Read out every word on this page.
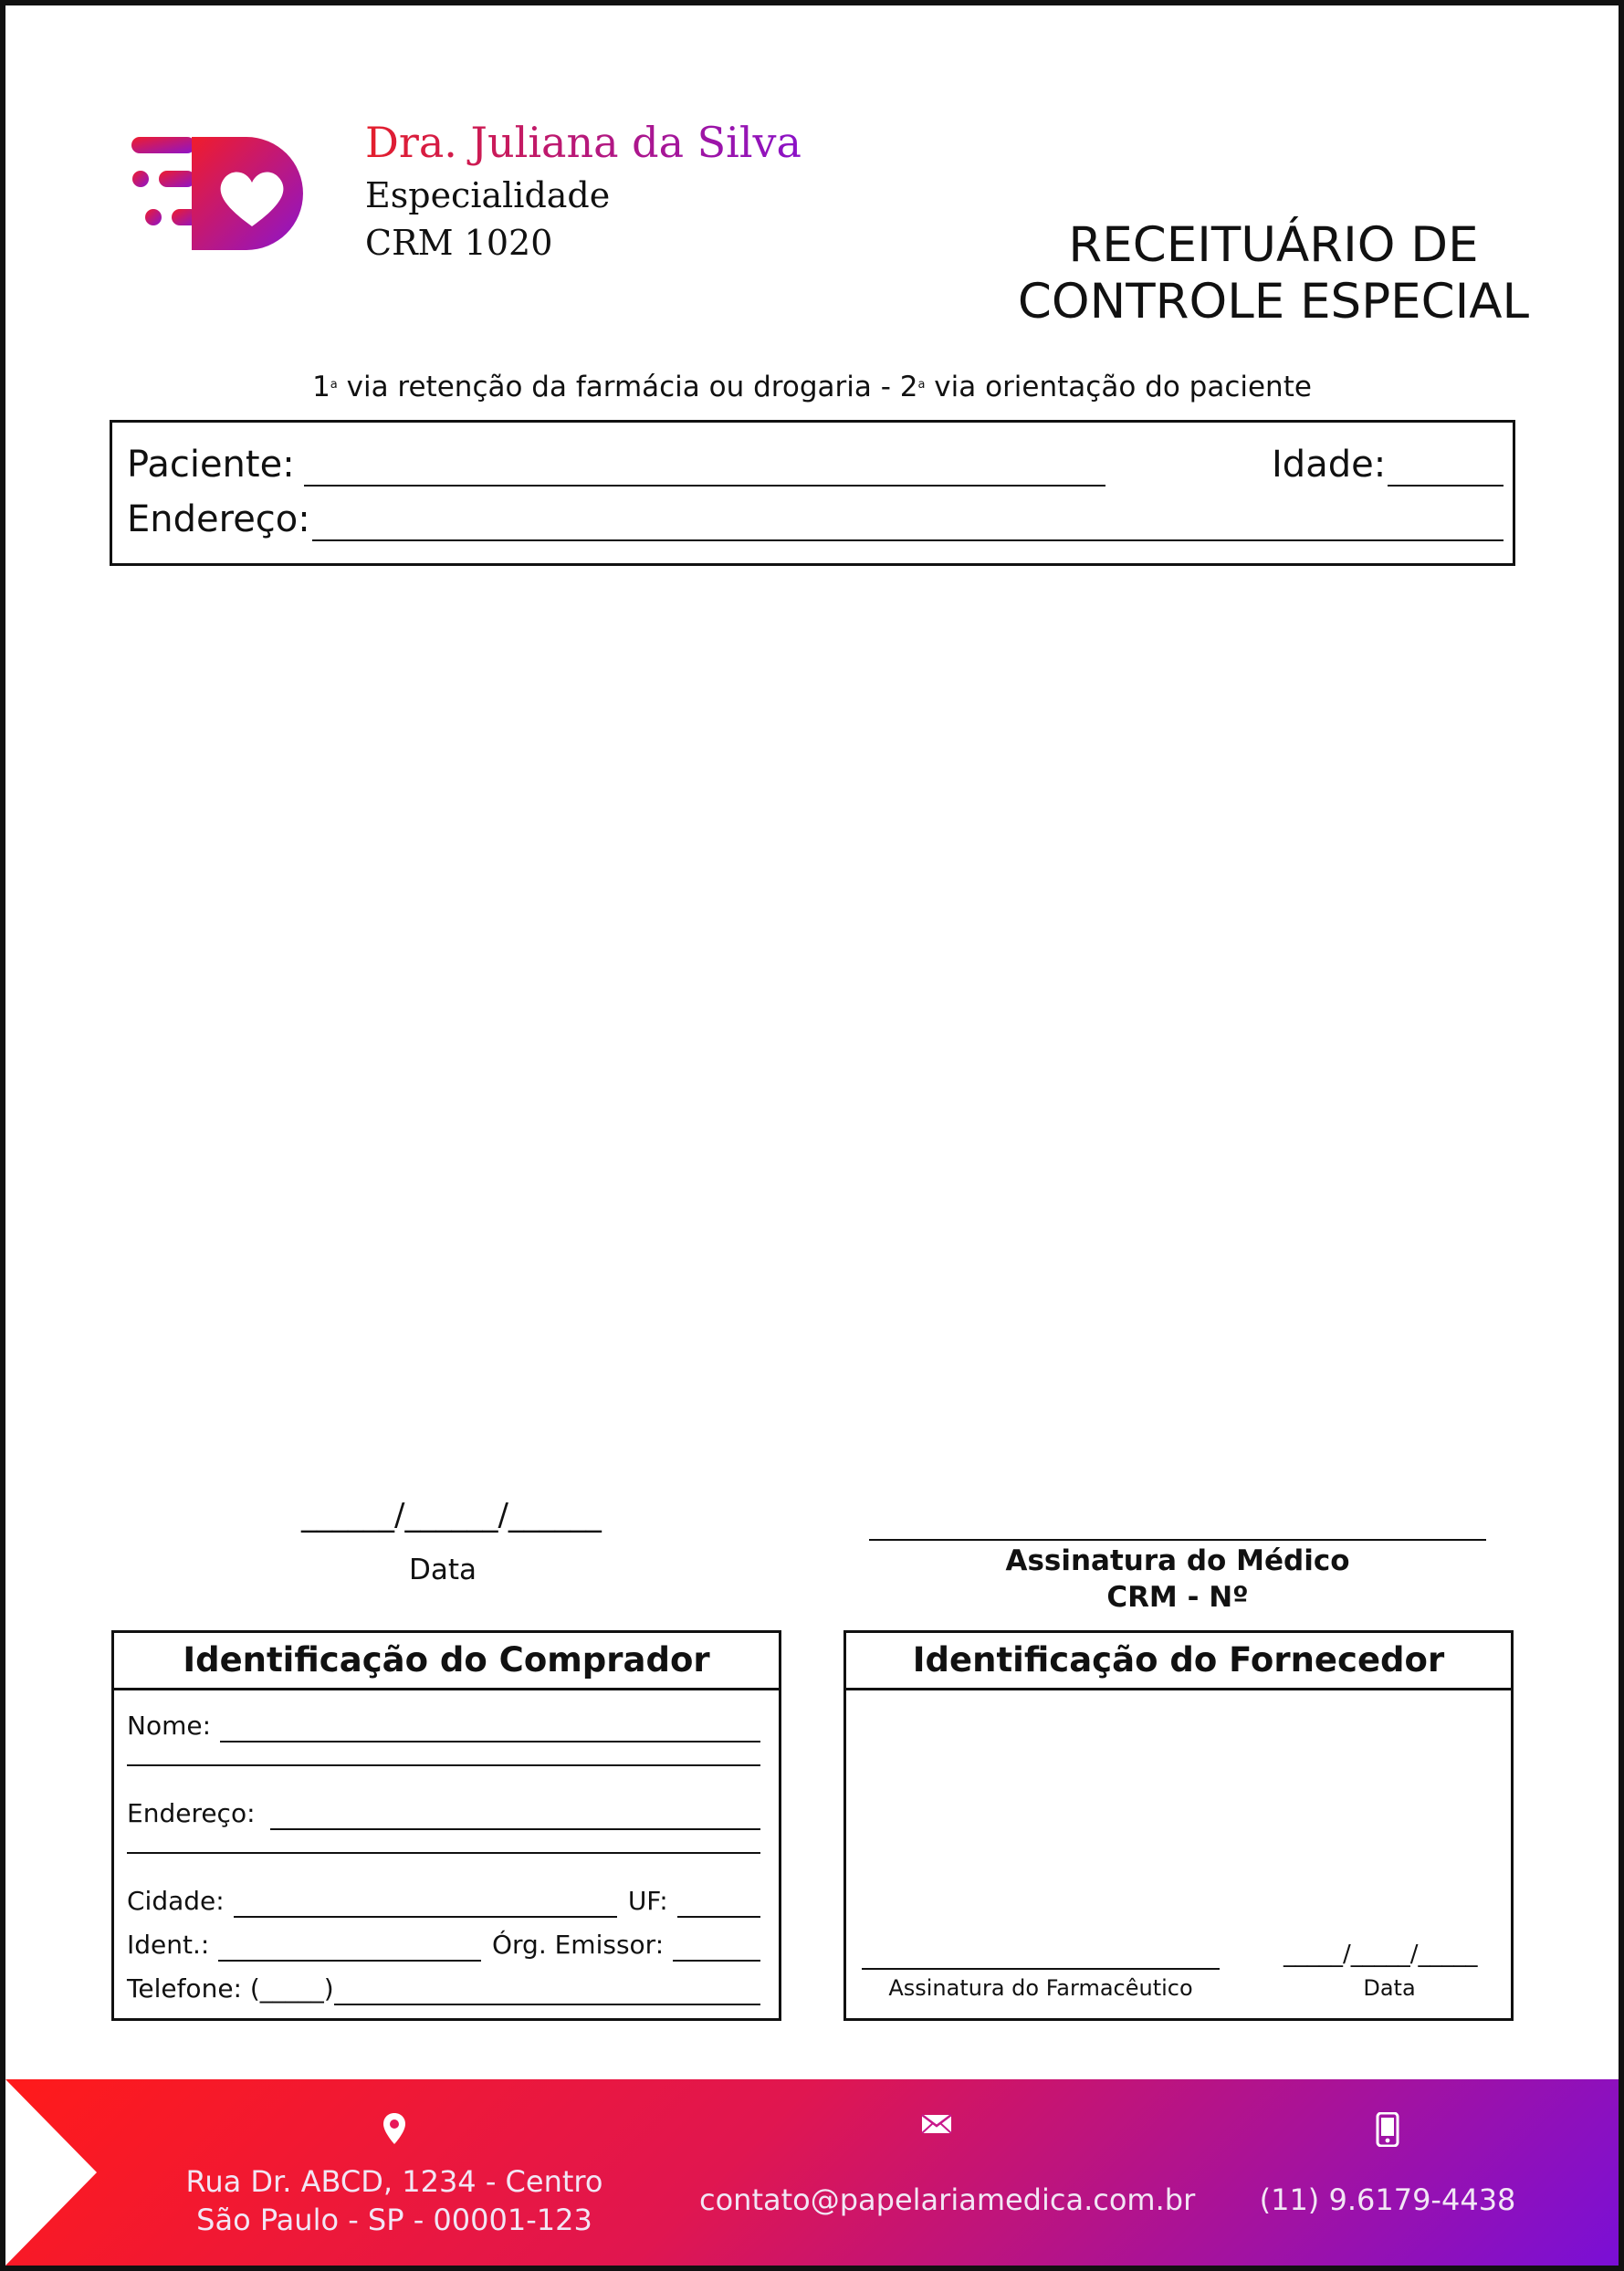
Dra. Juliana da Silva
Especialidade
CRM 1020	RECEITUÁRIO DE
CONTROLE ESPECIAL
1$^a$ via retenção da farmácia ou drogaria - 2$^a$ via orientação do paciente
Paciente:	Idade:
Endereço:
______/______/______
Data	Assinatura do Médico
CRM - Nº
Identificação do Comprador
Nome:
Endereço:
Cidade:	UF:
Ident.:	Órg. Emissor:
Telefone: (_____)
Identificação do Fornecedor
Assinatura do Farmacêutico
_____/_____/_____
Data
Rua Dr. ABCD, 1234 - Centro
São Paulo - SP - 00001-123
contato@papelariamedica.com.br (11) 9.6179-4438
